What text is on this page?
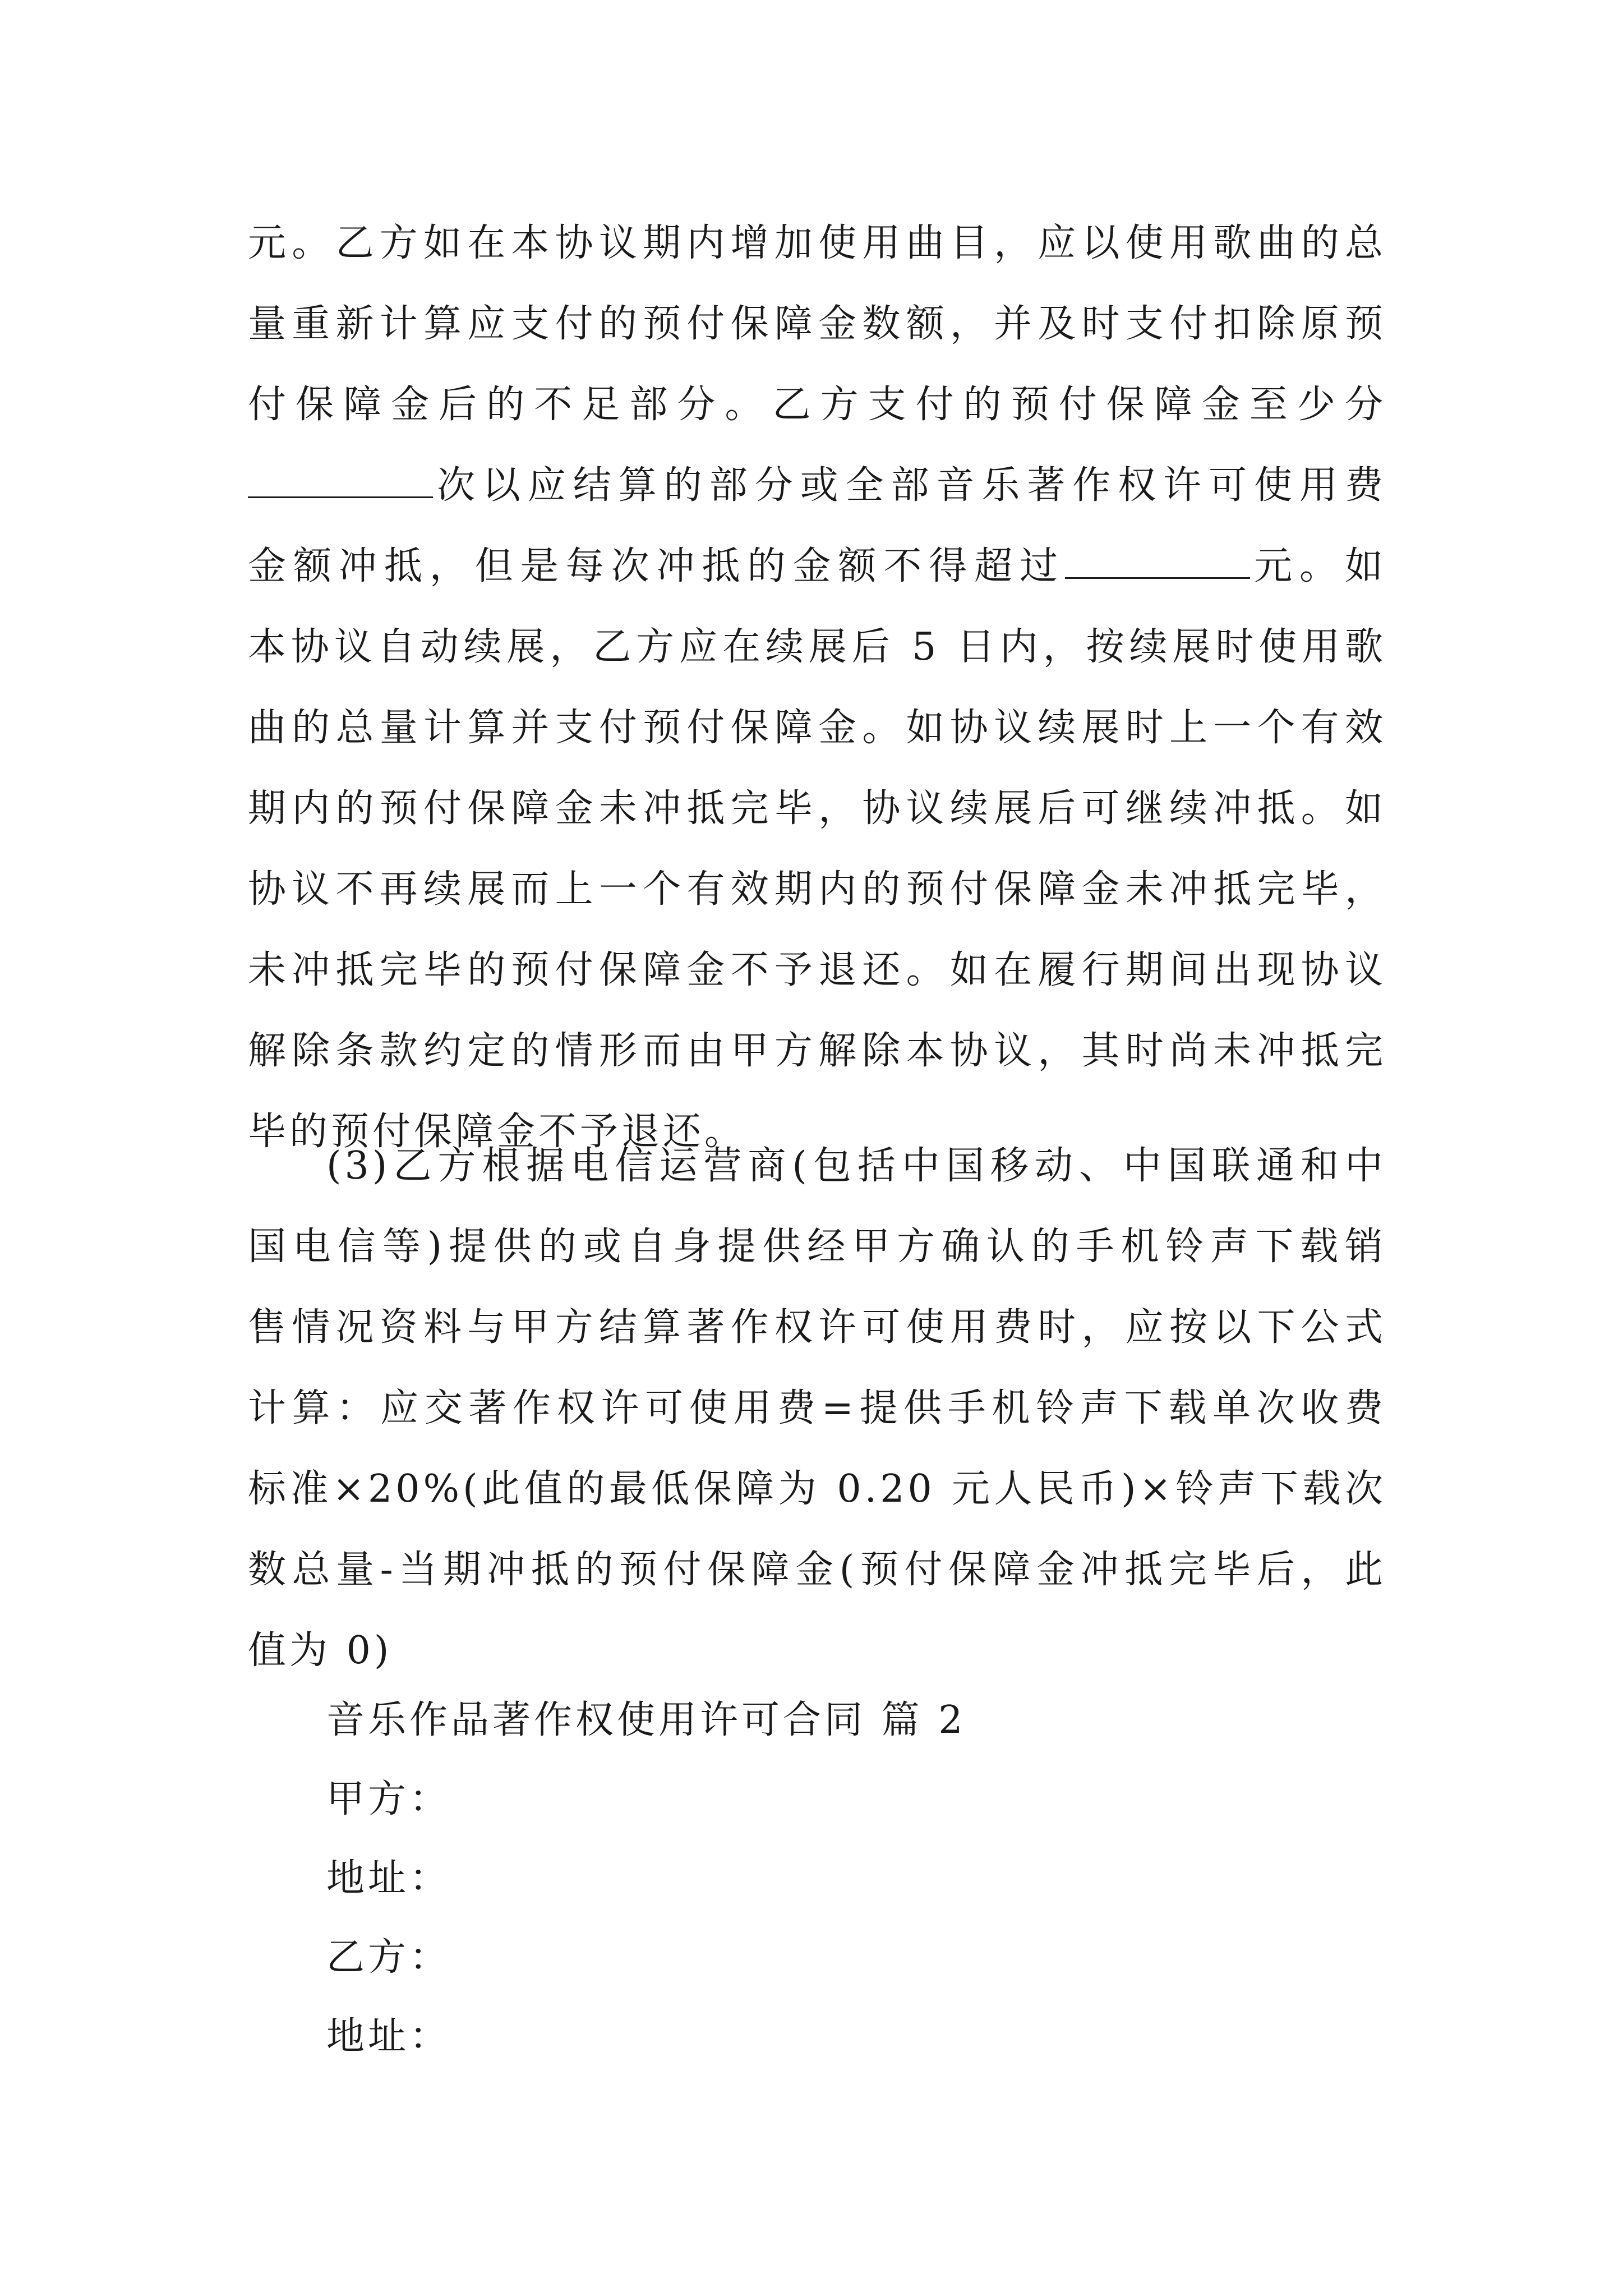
元。乙方如在本协议期内增加使用曲目，应以使用歌曲的总
量重新计算应支付的预付保障金数额，并及时支付扣除原预
付保障金后的不足部分。乙方支付的预付保障金至少分
次以应结算的部分或全部音乐著作权许可使用费
金额冲抵，但是每次冲抵的金额不得超过	元。如
本协议自动续展，乙方应在续展后 5 日内，按续展时使用歌
曲的总量计算并支付预付保障金。如协议续展时上一个有效
期内的预付保障金未冲抵完毕，协议续展后可继续冲抵。如
协议不再续展而上一个有效期内的预付保障金未冲抵完毕，
未冲抵完毕的预付保障金不予退还。如在履行期间出现协议
解除条款约定的情形而由甲方解除本协议，其时尚未冲抵完
毕的预付保障金不予退还。
(3)乙方根据电信运营商(包括中国移动、中国联通和中
国电信等)提供的或自身提供经甲方确认的手机铃声下载销
售情况资料与甲方结算著作权许可使用费时，应按以下公式
计算：应交著作权许可使用费=提供手机铃声下载单次收费
标准×20%(此值的最低保障为 0.20 元人民币)×铃声下载次
数总量-当期冲抵的预付保障金(预付保障金冲抵完毕后，此
值为 0)
音乐作品著作权使用许可合同 篇 2
甲方：
地址：
乙方：
地址：
